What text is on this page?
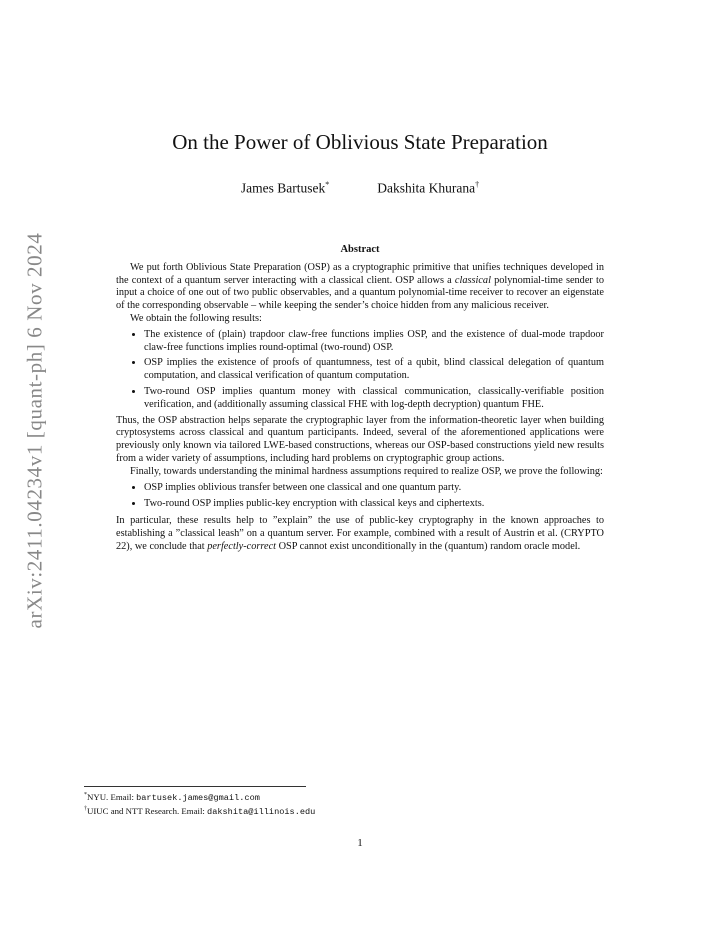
arXiv:2411.04234v1 [quant-ph] 6 Nov 2024
On the Power of Oblivious State Preparation
James Bartusek*	Dakshita Khurana†
Abstract

We put forth Oblivious State Preparation (OSP) as a cryptographic primitive that unifies techniques developed in the context of a quantum server interacting with a classical client. OSP allows a classical polynomial-time sender to input a choice of one out of two public observables, and a quantum polynomial-time receiver to recover an eigenstate of the corresponding observable – while keeping the sender’s choice hidden from any malicious receiver.

We obtain the following results:

• The existence of (plain) trapdoor claw-free functions implies OSP, and the existence of dual-mode trapdoor claw-free functions implies round-optimal (two-round) OSP.
• OSP implies the existence of proofs of quantumness, test of a qubit, blind classical delegation of quantum computation, and classical verification of quantum computation.
• Two-round OSP implies quantum money with classical communication, classically-verifiable position verification, and (additionally assuming classical FHE with log-depth decryption) quantum FHE.

Thus, the OSP abstraction helps separate the cryptographic layer from the information-theoretic layer when building cryptosystems across classical and quantum participants. Indeed, several of the aforementioned applications were previously only known via tailored LWE-based constructions, whereas our OSP-based constructions yield new results from a wider variety of assumptions, including hard problems on cryptographic group actions.

Finally, towards understanding the minimal hardness assumptions required to realize OSP, we prove the following:

• OSP implies oblivious transfer between one classical and one quantum party.
• Two-round OSP implies public-key encryption with classical keys and ciphertexts.

In particular, these results help to ”explain” the use of public-key cryptography in the known approaches to establishing a ”classical leash” on a quantum server. For example, combined with a result of Austrin et al. (CRYPTO 22), we conclude that perfectly-correct OSP cannot exist unconditionally in the (quantum) random oracle model.

*NYU. Email: bartusek.james@gmail.com
†UIUC and NTT Research. Email: dakshita@illinois.edu
1
